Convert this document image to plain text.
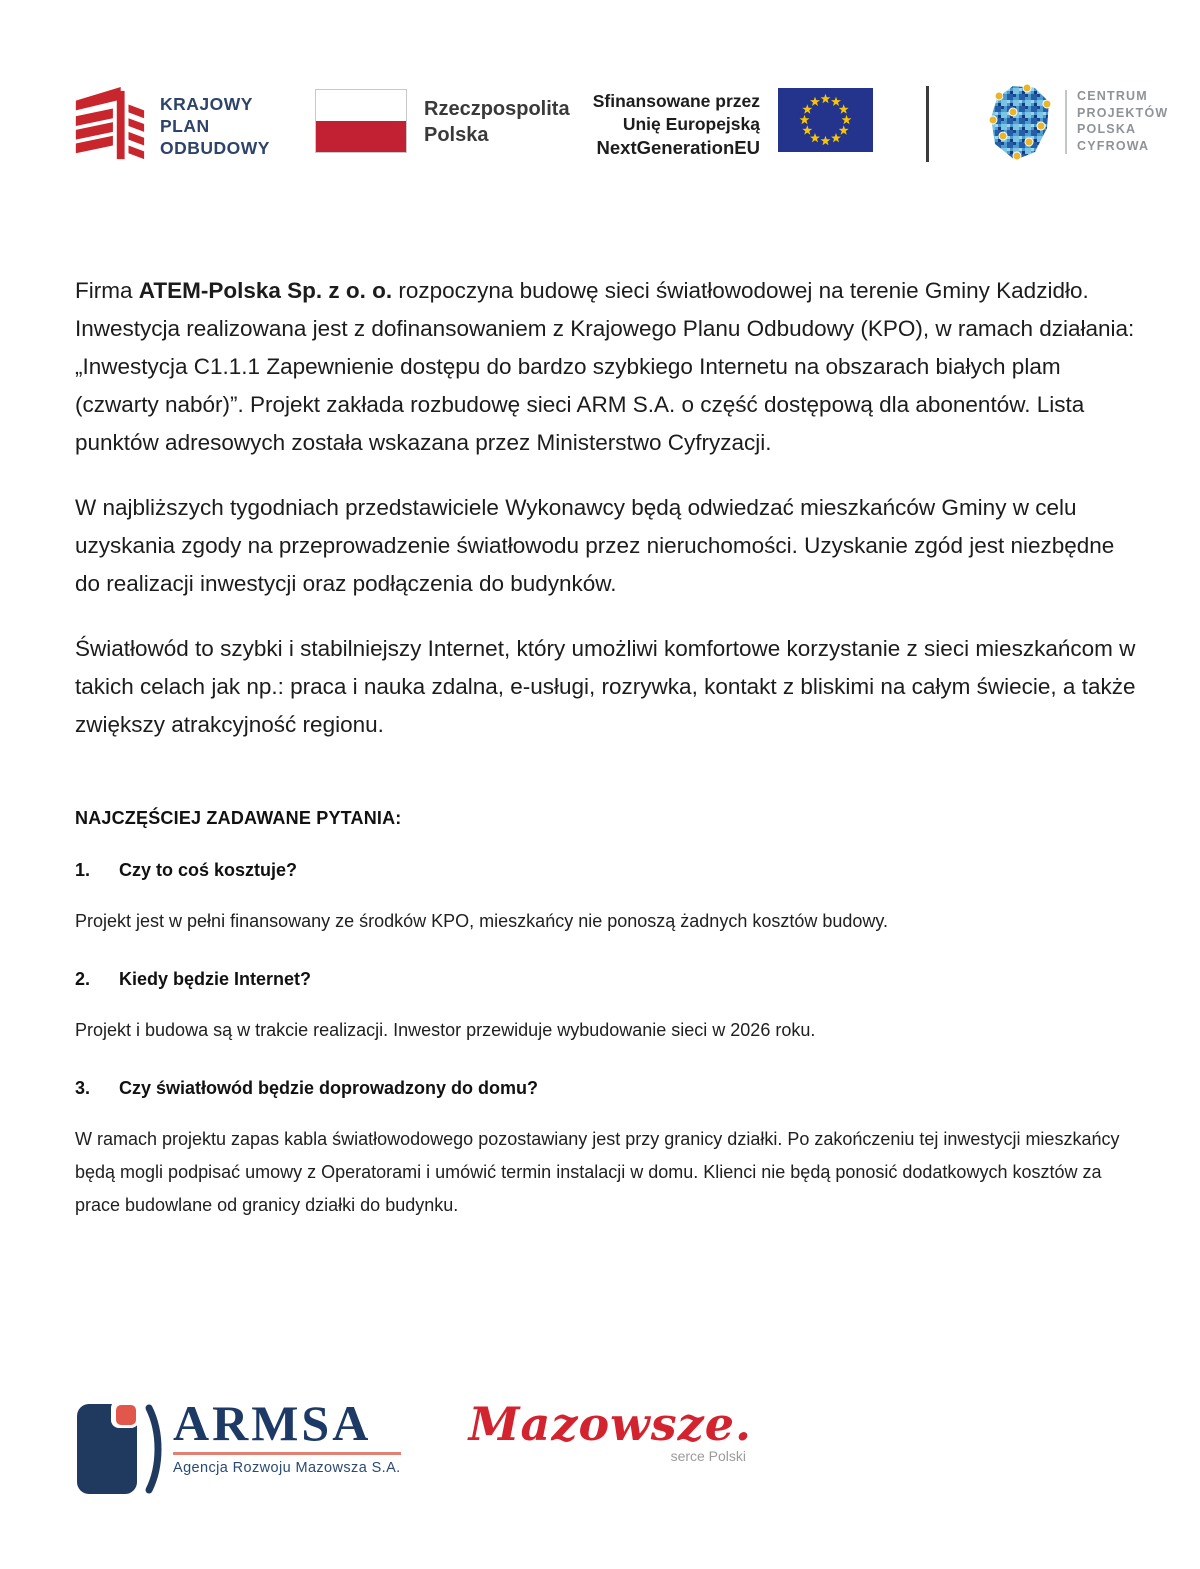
KRAJOWY
PLAN
ODBUDOWY
Rzeczpospolita
Polska
Sfinansowane przez
Unię Europejską
NextGenerationEU
CENTRUM
PROJEKTÓW
POLSKA
CYFROWA

Firma ATEM-Polska Sp. z o. o. rozpoczyna budowę sieci światłowodowej na terenie Gminy Kadzidło. Inwestycja realizowana jest z dofinansowaniem z Krajowego Planu Odbudowy (KPO), w ramach działania: „Inwestycja C1.1.1 Zapewnienie dostępu do bardzo szybkiego Internetu na obszarach białych plam (czwarty nabór)”. Projekt zakłada rozbudowę sieci ARM S.A. o część dostępową dla abonentów. Lista punktów adresowych została wskazana przez Ministerstwo Cyfryzacji.

W najbliższych tygodniach przedstawiciele Wykonawcy będą odwiedzać mieszkańców Gminy w celu uzyskania zgody na przeprowadzenie światłowodu przez nieruchomości. Uzyskanie zgód jest niezbędne do realizacji inwestycji oraz podłączenia do budynków.

Światłowód to szybki i stabilniejszy Internet, który umożliwi komfortowe korzystanie z sieci mieszkańcom w takich celach jak np.: praca i nauka zdalna, e-usługi, rozrywka, kontakt z bliskimi na całym świecie, a także zwiększy atrakcyjność regionu.

NAJCZĘŚCIEJ ZADAWANE PYTANIA:
1.	Czy to coś kosztuje?
Projekt jest w pełni finansowany ze środków KPO, mieszkańcy nie ponoszą żadnych kosztów budowy.
2.	Kiedy będzie Internet?
Projekt i budowa są w trakcie realizacji. Inwestor przewiduje wybudowanie sieci w 2026 roku.
3.	Czy światłowód będzie doprowadzony do domu?
W ramach projektu zapas kabla światłowodowego pozostawiany jest przy granicy działki. Po zakończeniu tej inwestycji mieszkańcy będą mogli podpisać umowy z Operatorami i umówić termin instalacji w domu. Klienci nie będą ponosić dodatkowych kosztów za prace budowlane od granicy działki do budynku.
ARMSA
Agencja Rozwoju Mazowsza S.A.
Mazowsze.
serce Polski
